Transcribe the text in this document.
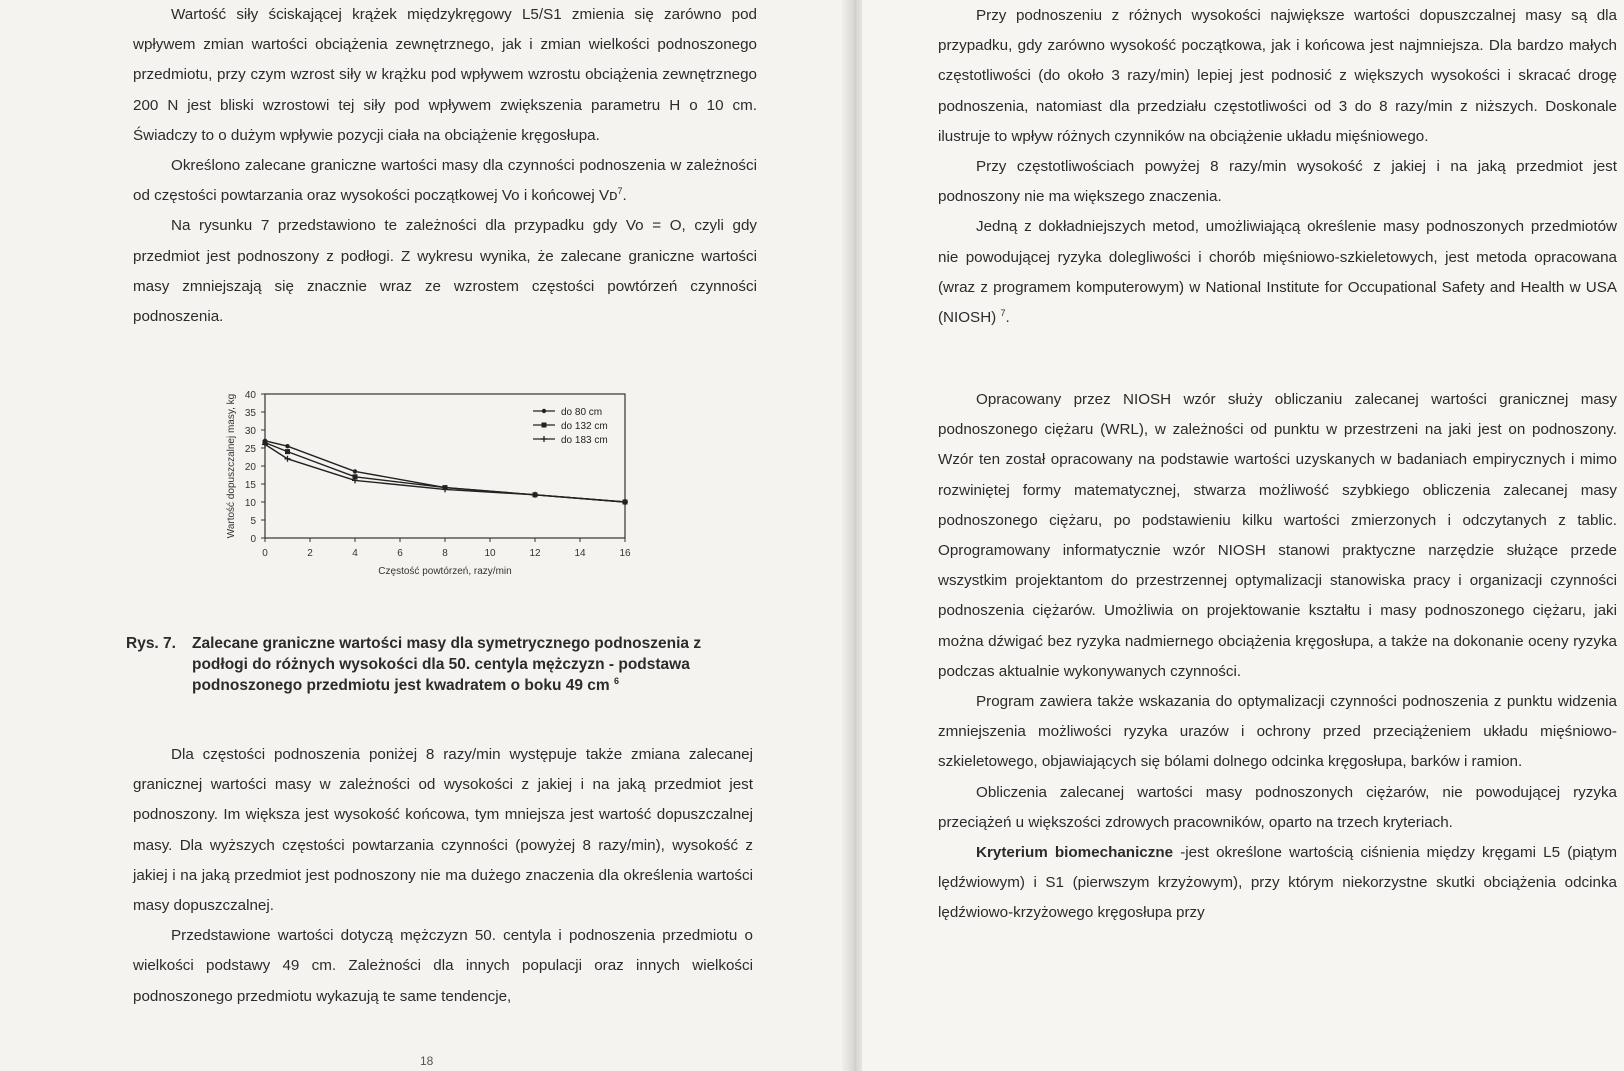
Wartość siły ściskającej krążek międzykręgowy L5/S1 zmienia się zarówno pod wpływem zmian wartości obciążenia zewnętrznego, jak i zmian wielkości podnoszonego przedmiotu, przy czym wzrost siły w krążku pod wpływem wzrostu obciążenia zewnętrznego 200 N jest bliski wzrostowi tej siły pod wpływem zwiększenia parametru H o 10 cm. Świadczy to o dużym wpływie pozycji ciała na obciążenie kręgosłupa.

Określono zalecane graniczne wartości masy dla czynności podnoszenia w zależności od częstości powtarzania oraz wysokości początkowej Vo i końcowej Vᴅ$^7$.

Na rysunku 7 przedstawiono te zależności dla przypadku gdy Vo = O, czyli gdy przedmiot jest podnoszony z podłogi. Z wykresu wynika, że zalecane graniczne wartości masy zmniejszają się znacznie wraz ze wzrostem częstości powtórzeń czynności podnoszenia.

0
5
10
15
20
25
30
35
40
0	2	4	6	8	10	12	14	16
Częstość powtórzeń, razy/min
Wartość dopuszczalnej masy, kg	do 80 cm
do 132 cm
do 183 cm
Rys. 7. Zalecane graniczne wartości masy dla symetrycznego podnoszenia z podłogi do różnych wysokości dla 50. centyla mężczyzn - podstawa podnoszonego przedmiotu jest kwadratem o boku 49 cm $^6$

Dla częstości podnoszenia poniżej 8 razy/min występuje także zmiana zalecanej granicznej wartości masy w zależności od wysokości z jakiej i na jaką przedmiot jest podnoszony. Im większa jest wysokość końcowa, tym mniejsza jest wartość dopuszczalnej masy. Dla wyższych częstości powtarzania czynności (powyżej 8 razy/min), wysokość z jakiej i na jaką przedmiot jest podnoszony nie ma dużego znaczenia dla określenia wartości masy dopuszczalnej.

Przedstawione wartości dotyczą mężczyzn 50. centyla i podnoszenia przedmiotu o wielkości podstawy 49 cm. Zależności dla innych populacji oraz innych wielkości podnoszonego przedmiotu wykazują te same tendencje,

18

Przy podnoszeniu z różnych wysokości największe wartości dopuszczalnej masy są dla przypadku, gdy zarówno wysokość początkowa, jak i końcowa jest najmniejsza. Dla bardzo małych częstotliwości (do około 3 razy/min) lepiej jest podnosić z większych wysokości i skracać drogę podnoszenia, natomiast dla przedziału częstotliwości od 3 do 8 razy/min z niższych. Doskonale ilustruje to wpływ różnych czynników na obciążenie układu mięśniowego.

Przy częstotliwościach powyżej 8 razy/min wysokość z jakiej i na jaką przedmiot jest podnoszony nie ma większego znaczenia.

Jedną z dokładniejszych metod, umożliwiającą określenie masy podnoszonych przedmiotów nie powodującej ryzyka dolegliwości i chorób mięśniowo-szkieletowych, jest metoda opracowana (wraz z programem komputerowym) w National Institute for Occupational Safety and Health w USA (NIOSH) $^7$.

Opracowany przez NIOSH wzór służy obliczaniu zalecanej wartości granicznej masy podnoszonego ciężaru (WRL), w zależności od punktu w przestrzeni na jaki jest on podnoszony. Wzór ten został opracowany na podstawie wartości uzyskanych w badaniach empirycznych i mimo rozwiniętej formy matematycznej, stwarza możliwość szybkiego obliczenia zalecanej masy podnoszonego ciężaru, po podstawieniu kilku wartości zmierzonych i odczytanych z tablic. Oprogramowany informatycznie wzór NIOSH stanowi praktyczne narzędzie służące przede wszystkim projektantom do przestrzennej optymalizacji stanowiska pracy i organizacji czynności podnoszenia ciężarów. Umożliwia on projektowanie kształtu i masy podnoszonego ciężaru, jaki można dźwigać bez ryzyka nadmiernego obciążenia kręgosłupa, a także na dokonanie oceny ryzyka podczas aktualnie wykonywanych czynności.

Program zawiera także wskazania do optymalizacji czynności podnoszenia z punktu widzenia zmniejszenia możliwości ryzyka urazów i ochrony przed przeciążeniem układu mięśniowo-szkieletowego, objawiających się bólami dolnego odcinka kręgosłupa, barków i ramion.

Obliczenia zalecanej wartości masy podnoszonych ciężarów, nie powodującej ryzyka przeciążeń u większości zdrowych pracowników, oparto na trzech kryteriach.

Kryterium biomechaniczne -jest określone wartością ciśnienia między kręgami L5 (piątym lędźwiowym) i S1 (pierwszym krzyżowym), przy którym niekorzystne skutki obciążenia odcinka lędźwiowo-krzyżowego kręgosłupa przy
